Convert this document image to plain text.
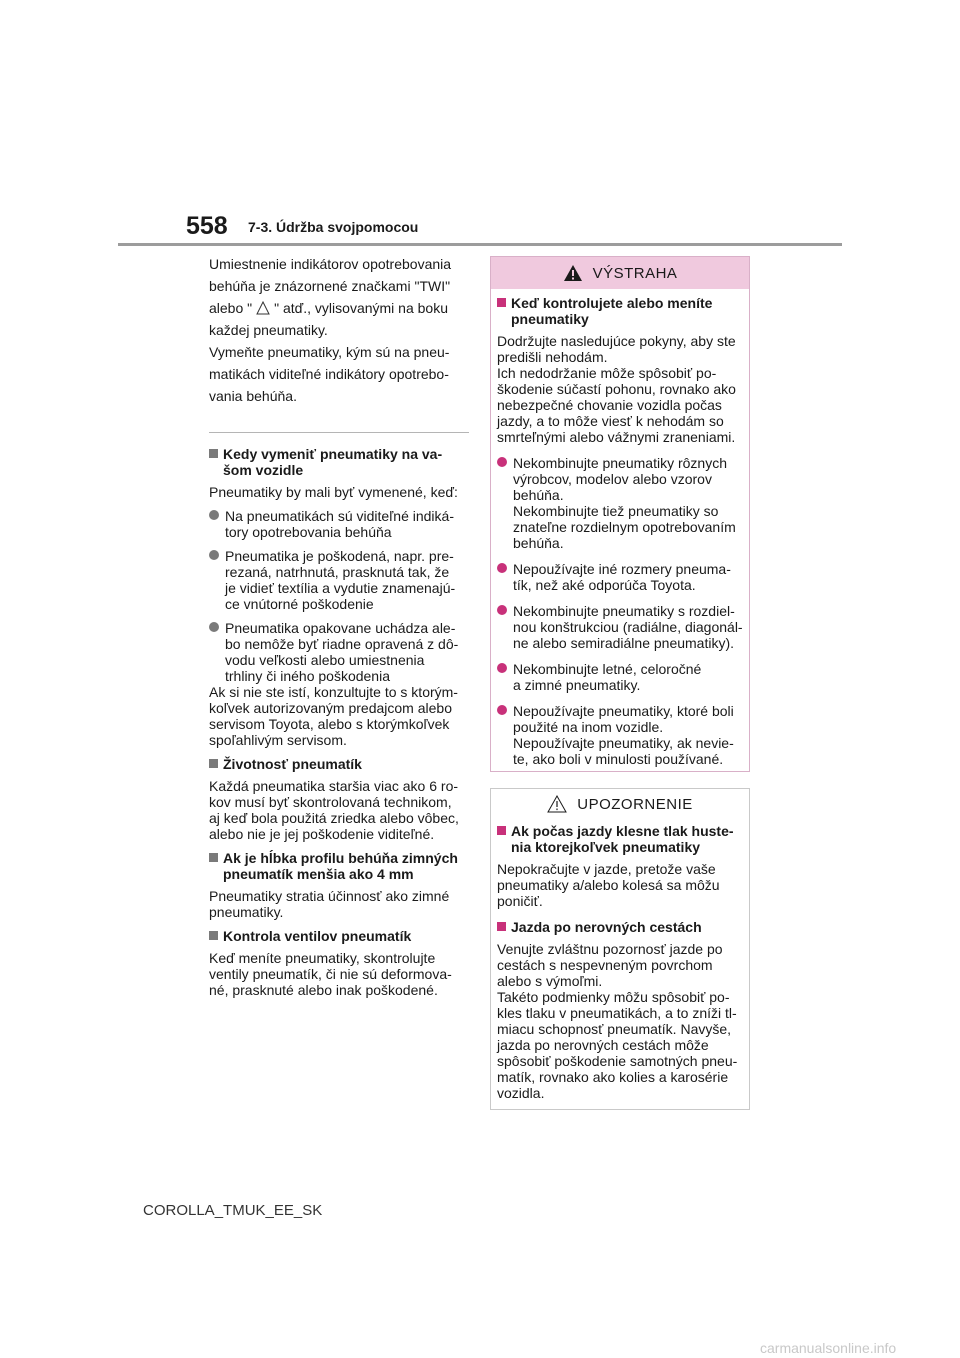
558 7-3. Údržba svojpomocou

Umiestnenie indikátorov opotrebovania

behúňa je znázornené značkami "TWI"

alebo " " atď., vylisovanými na boku

každej pneumatiky.

Vymeňte pneumatiky, kým sú na pneu-

matikách viditeľné indikátory opotrebo-

vania behúňa.

Kedy vymeniť pneumatiky na va-
šom vozidle
Pneumatiky by mali byť vymenené, keď:
Na pneumatikách sú viditeľné indiká-
tory opotrebovania behúňa
Pneumatika je poškodená, napr. pre-
rezaná, natrhnutá, prasknutá tak, že
je vidieť textília a vydutie znamenajú-
ce vnútorné poškodenie
Pneumatika opakovane uchádza ale-
bo nemôže byť riadne opravená z dô-
vodu veľkosti alebo umiestnenia
trhliny či iného poškodenia
Ak si nie ste istí, konzultujte to s ktorým-
koľvek autorizovaným predajcom alebo
servisom Toyota, alebo s ktorýmkoľvek
spoľahlivým servisom.
Životnosť pneumatík
Každá pneumatika staršia viac ako 6 ro-
kov musí byť skontrolovaná technikom,
aj keď bola použitá zriedka alebo vôbec,
alebo nie je jej poškodenie viditeľné.
Ak je hĺbka profilu behúňa zimných
pneumatík menšia ako 4 mm
Pneumatiky stratia účinnosť ako zimné
pneumatiky.
Kontrola ventilov pneumatík
Keď meníte pneumatiky, skontrolujte
ventily pneumatík, či nie sú deformova-
né, prasknuté alebo inak poškodené.
VÝSTRAHA
Keď kontrolujete alebo meníte
pneumatiky
Dodržujte nasledujúce pokyny, aby ste
predišli nehodám.
Ich nedodržanie môže spôsobiť po-
škodenie súčastí pohonu, rovnako ako
nebezpečné chovanie vozidla počas
jazdy, a to môže viesť k nehodám so
smrteľnými alebo vážnymi zraneniami.
Nekombinujte pneumatiky rôznych
výrobcov, modelov alebo vzorov
behúňa.
Nekombinujte tiež pneumatiky so
znateľne rozdielnym opotrebovaním
behúňa.
Nepoužívajte iné rozmery pneuma-
tík, než aké odporúča Toyota.
Nekombinujte pneumatiky s rozdiel-
nou konštrukciou (radiálne, diagonál-
ne alebo semiradiálne pneumatiky).
Nekombinujte letné, celoročné
a zimné pneumatiky.
Nepoužívajte pneumatiky, ktoré boli
použité na inom vozidle.
Nepoužívajte pneumatiky, ak nevie-
te, ako boli v minulosti používané.
UPOZORNENIE
Ak počas jazdy klesne tlak huste-
nia ktorejkoľvek pneumatiky
Nepokračujte v jazde, pretože vaše
pneumatiky a/alebo kolesá sa môžu
poničiť.
Jazda po nerovných cestách
Venujte zvláštnu pozornosť jazde po
cestách s nespevneným povrchom
alebo s výmoľmi.
Takéto podmienky môžu spôsobiť po-
kles tlaku v pneumatikách, a to zníži tl-
miacu schopnosť pneumatík. Navyše,
jazda po nerovných cestách môže
spôsobiť poškodenie samotných pneu-
matík, rovnako ako kolies a karosérie
vozidla.
COROLLA_TMUK_EE_SK
carmanualsonline.info
